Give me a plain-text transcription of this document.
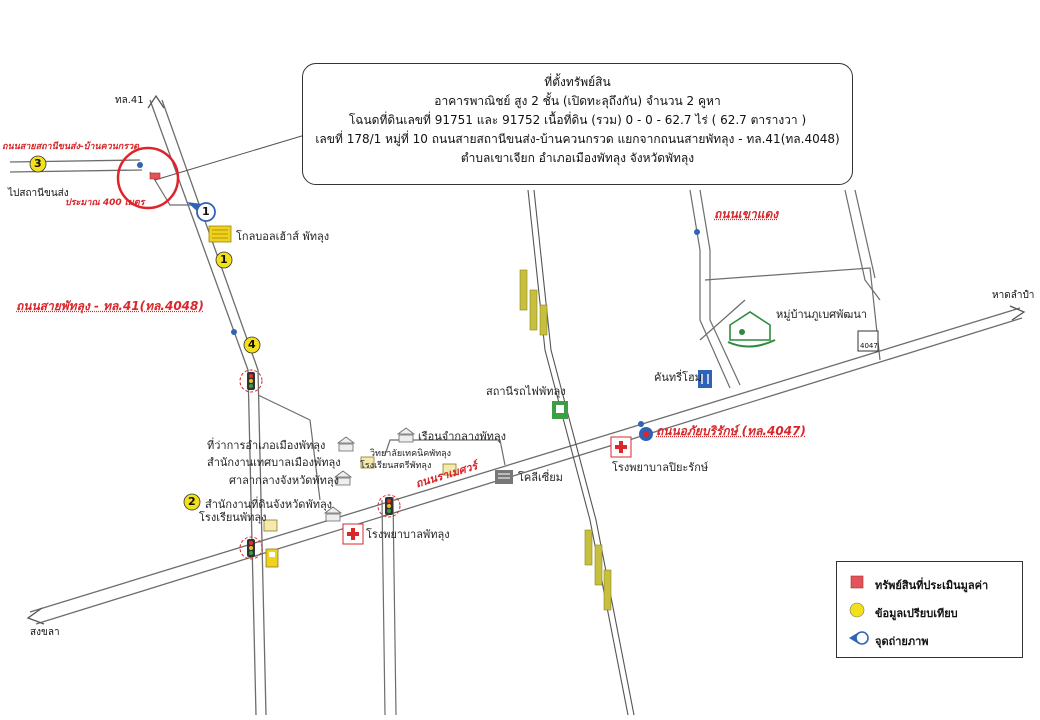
ที่ตั้งทรัพย์สิน
อาคารพาณิชย์ สูง 2 ชั้น (เปิดทะลุถึงกัน) จำนวน 2 คูหา
โฉนดที่ดินเลขที่ 91751 และ 91752 เนื้อที่ดิน (รวม) 0 - 0 - 62.7 ไร่ ( 62.7 ตารางวา )
เลขที่ 178/1 หมู่ที่ 10 ถนนสายสถานีขนส่ง-บ้านควนกรวด แยกจากถนนสายพัทลุง - ทล.41(ทล.4048)
ตำบลเขาเจียก อำเภอเมืองพัทลุง จังหวัดพัทลุง
ทล.41
ถนนสายสถานีขนส่ง-บ้านควนกรวด
ไปสถานีขนส่ง
ประมาณ 400 เมตร
ถนนสายพัทลุง - ทล.41(ทล.4048)
ถนนเขาแดง
ถนนอภัยบริรักษ์ (ทล.4047)
ถนนราเมศวร์
หาดลำปำ
สงขลา
4047
โกลบอลเฮ้าส์ พัทลุง
หมู่บ้านภูเบศพัฒนา
คันทรี่โฮม
สถานีรถไฟพัทลุง
เรือนจำกลางพัทลุง
ที่ว่าการอำเภอเมืองพัทลุง
สำนักงานเทศบาลเมืองพัทลุง
วิทยาลัยเทคนิคพัทลุง
โรงเรียนสตรีพัทลุง
ศาลากลางจังหวัดพัทลุง	โคลีเซี่ยม
โรงพยาบาลปิยะรักษ์
สำนักงานที่ดินจังหวัดพัทลุง
โรงเรียนพัทลุง
โรงพยาบาลพัทลุง
1
3
1
4
2
ทรัพย์สินที่ประเมินมูลค่า
ข้อมูลเปรียบเทียบ
จุดถ่ายภาพ
